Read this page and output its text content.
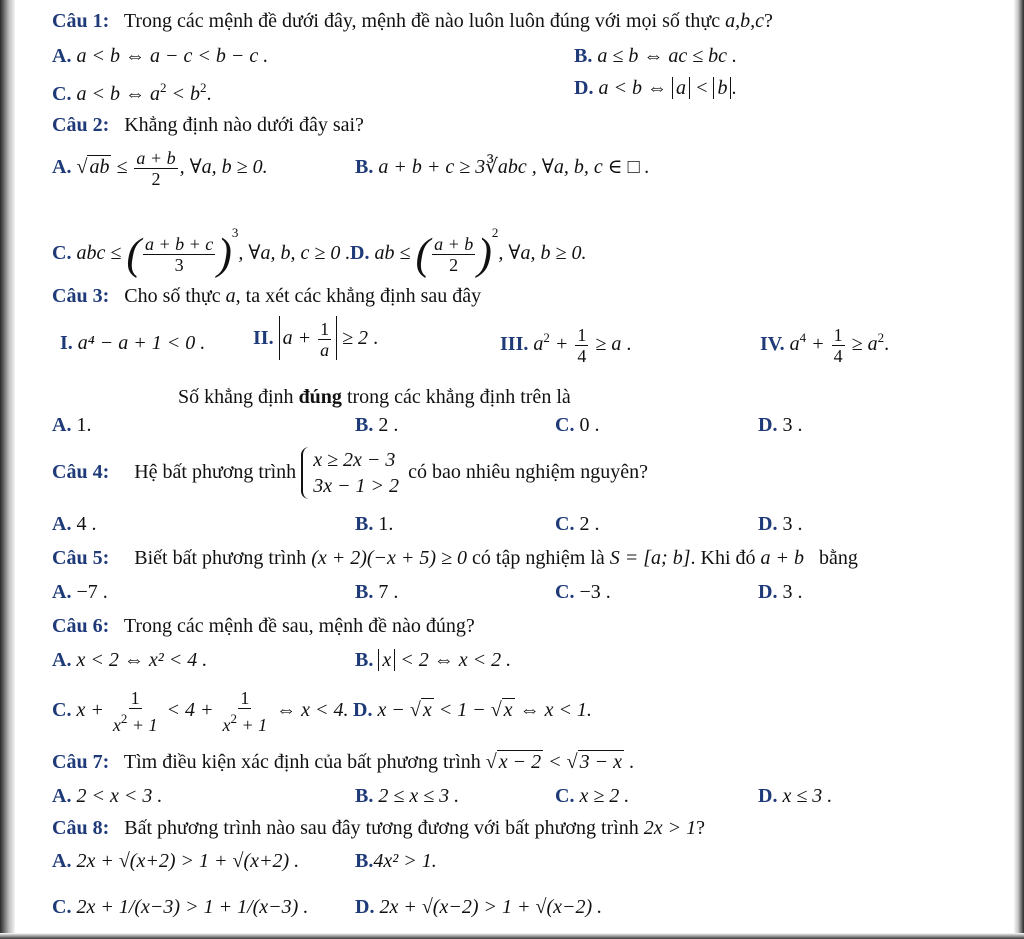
Câu 1: Trong các mệnh đề dưới đây, mệnh đề nào luôn luôn đúng với mọi số thực a,b,c?
A. a < b ⇔ a − c < b − c .	B. a ≤ b ⇔ ac ≤ bc .
C. a < b ⇔ $a^2 < b^2$.	D. a < b ⇔ a < b .
Câu 2: Khẳng định nào dưới đây sai?
A. √ ab ≤ $\frac{a + b}{2}$ , ∀a, b ≥ 0.	B. a + b + c ≥ 3∛abc , ∀a, b, c ∈ □ .
C. abc ≤ ( $\frac{a + b + c}{3} )^3$, ∀a, b, c ≥ 0 . D. ab ≤ ( $\frac{a + b}{2} )^2$, ∀a, b ≥ 0.
Câu 3: Cho số thực a, ta xét các khẳng định sau đây
I. a⁴ − a + 1 < 0 . II. $a + \frac{1}{a} \ge 2$ .	III. $a^2 + \frac{1}{4} \ge a$ .	IV. $a^4 + \frac{1}{4} \ge a^2$.
Số khẳng định đúng trong các khẳng định trên là
A. 1.	B. 2 .	C. 0 .	D. 3 .
Câu 4: Hệ bất phương trình
x ≥ 2x − 3
3x − 1 > 2
có bao nhiêu nghiệm nguyên?
A. 4 .	B. 1.	C. 2 .	D. 3 .
Câu 5: Biết bất phương trình (x + 2)(−x + 5) ≥ 0 có tập nghiệm là S = [a; b]. Khi đó a + b bằng
A. −7 .	B. 7 .	C. −3 .	D. 3 .
Câu 6: Trong các mệnh đề sau, mệnh đề nào đúng?
A. x < 2 ⇔ x² < 4 .	B. x < 2 ⇔ x < 2 .
C. $x + \frac{1}{x^2 + 1} < 4 + \frac{1}{x^2 + 1}$ ⇔ x < 4. D. x − √ x < 1 − √ x ⇔ x < 1.
Câu 7: Tìm điều kiện xác định của bất phương trình √ x − 2 < √ 3 − x .
A. 2 < x < 3 .	B. 2 ≤ x ≤ 3 .	C. x ≥ 2 .	D. x ≤ 3 .
Câu 8: Bất phương trình nào sau đây tương đương với bất phương trình 2x > 1?
A. 2x + √(x+2) > 1 + √(x+2) .	B.4x² > 1.
C. 2x + 1/(x−3) > 1 + 1/(x−3) . D. 2x + √(x−2) > 1 + √(x−2) .
